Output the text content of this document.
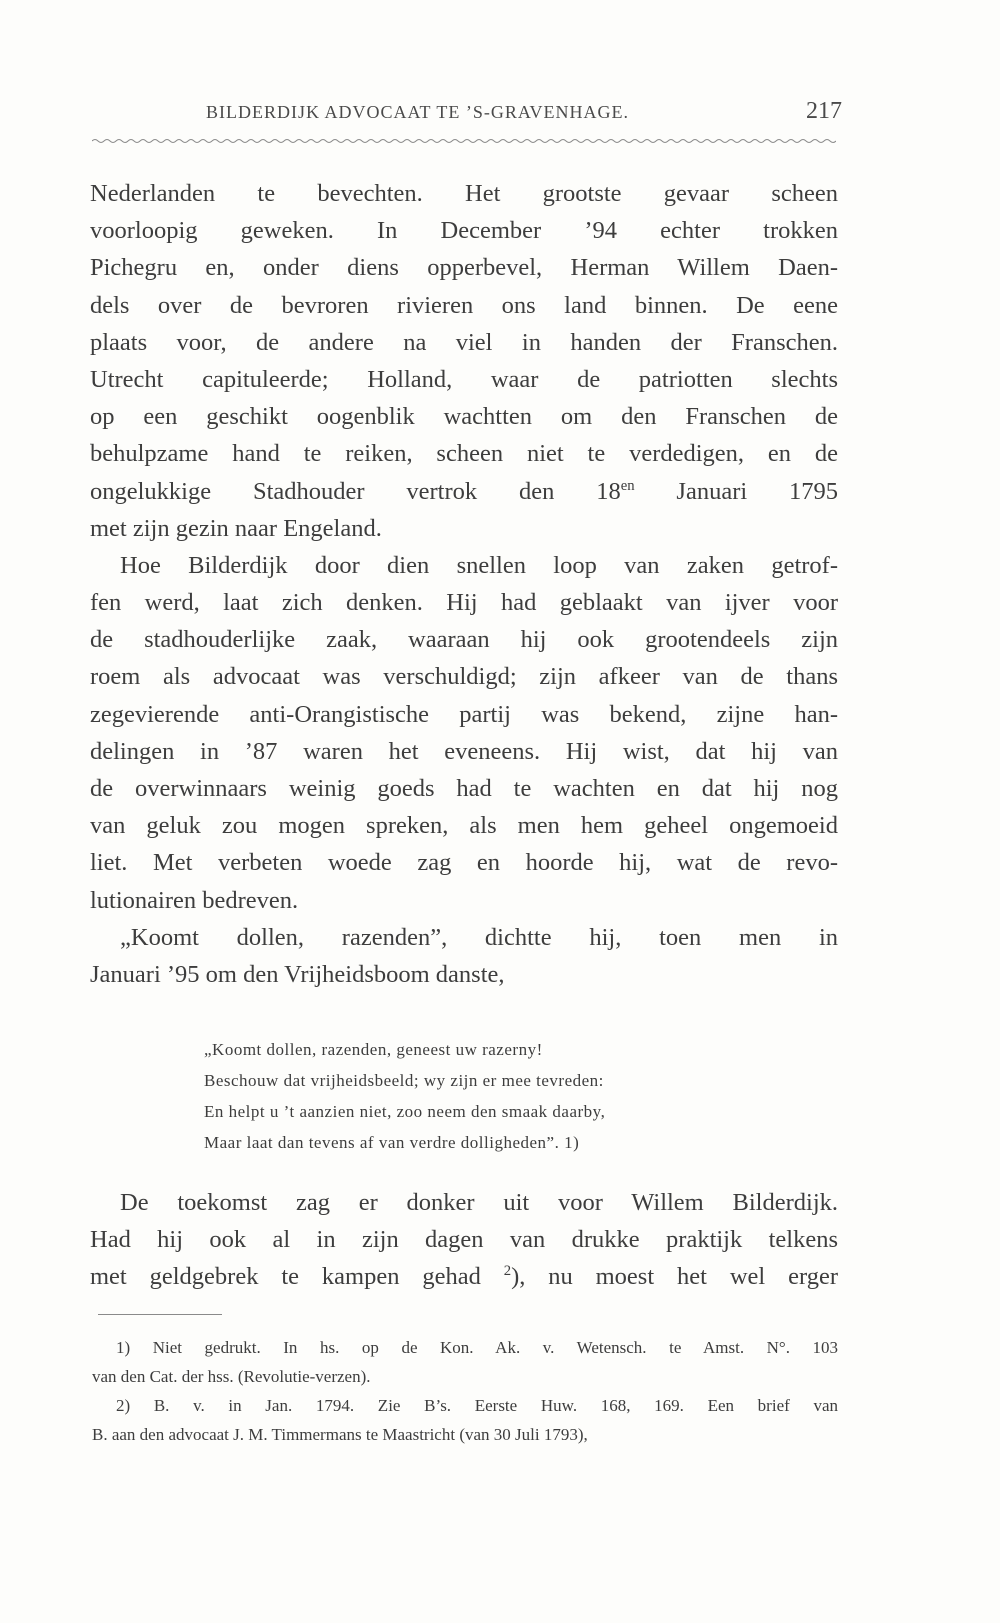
BILDERDIJK ADVOCAAT TE ’S-GRAVENHAGE.	217
Nederlanden te bevechten. Het grootste gevaar scheen
voorloopig geweken. In December ’94 echter trokken
Pichegru en, onder diens opperbevel, Herman Willem Daen-
dels over de bevroren rivieren ons land binnen. De eene
plaats voor, de andere na viel in handen der Franschen.
Utrecht capituleerde; Holland, waar de patriotten slechts
op een geschikt oogenblik wachtten om den Franschen de
behulpzame hand te reiken, scheen niet te verdedigen, en de
ongelukkige Stadhouder vertrok den $18^{en}$ Januari 1795
met zijn gezin naar Engeland.
Hoe Bilderdijk door dien snellen loop van zaken getrof-
fen werd, laat zich denken. Hij had geblaakt van ijver voor
de stadhouderlijke zaak, waaraan hij ook grootendeels zijn
roem als advocaat was verschuldigd; zijn afkeer van de thans
zegevierende anti-Orangistische partij was bekend, zijne han-
delingen in ’87 waren het eveneens. Hij wist, dat hij van
de overwinnaars weinig goeds had te wachten en dat hij nog
van geluk zou mogen spreken, als men hem geheel ongemoeid
liet. Met verbeten woede zag en hoorde hij, wat de revo-
lutionairen bedreven.
„Koomt dollen, razenden”, dichtte hij, toen men in
Januari ’95 om den Vrijheidsboom danste,
„Koomt dollen, razenden, geneest uw razerny!
Beschouw dat vrijheidsbeeld; wy zijn er mee tevreden:
En helpt u ’t aanzien niet, zoo neem den smaak daarby,
Maar laat dan tevens af van verdre dolligheden”. 1)
De toekomst zag er donker uit voor Willem Bilderdijk.
Had hij ook al in zijn dagen van drukke praktijk telkens
met geldgebrek te kampen gehad $^2$), nu moest het wel erger
1) Niet gedrukt. In hs. op de Kon. Ak. v. Wetensch. te Amst. N°. 103
van den Cat. der hss. (Revolutie-verzen).
2) B. v. in Jan. 1794. Zie B’s. Eerste Huw. 168, 169. Een brief van
B. aan den advocaat J. M. Timmermans te Maastricht (van 30 Juli 1793),
